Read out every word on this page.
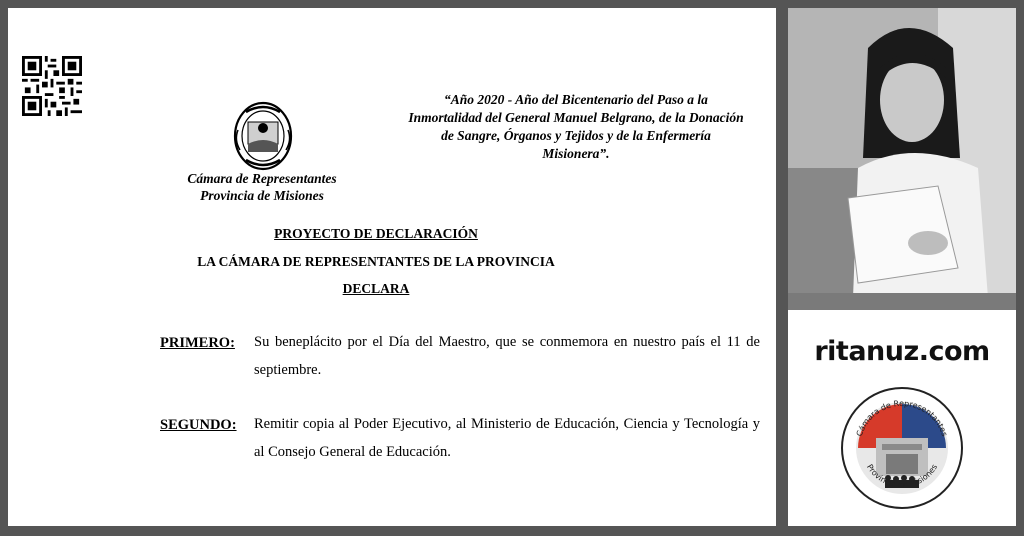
Cámara de Representantes
Provincia de Misiones
“Año 2020 - Año del Bicentenario del Paso a la Inmortalidad del General Manuel Belgrano, de la Donación de Sangre, Órganos y Tejidos y de la Enfermería Misionera”.
PROYECTO DE DECLARACIÓN
LA CÁMARA DE REPRESENTANTES DE LA PROVINCIA
DECLARA
PRIMERO: Su beneplácito por el Día del Maestro, que se conmemora en nuestro país el 11 de septiembre.
SEGUNDO: Remitir copia al Poder Ejecutivo, al Ministerio de Educación, Ciencia y Tecnología y al Consejo General de Educación.
ritanuz.com
Cámara de Representantes
Provincia de Misiones
